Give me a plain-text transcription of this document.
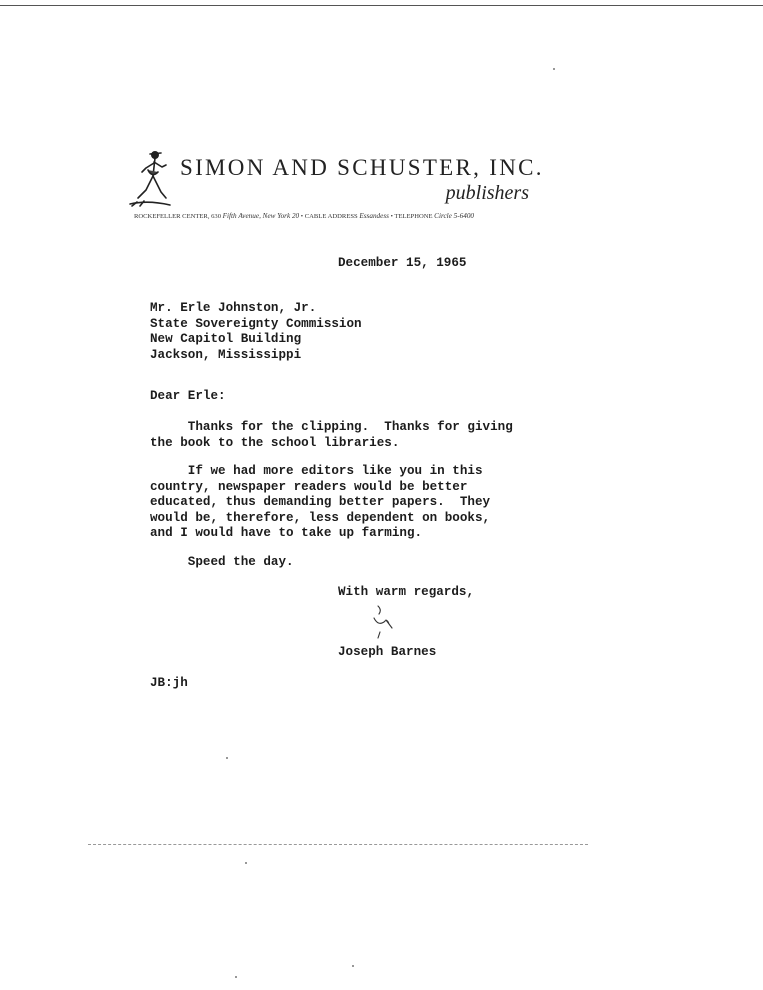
SIMON AND SCHUSTER, INC.
publishers
ROCKEFELLER CENTER, 630 Fifth Avenue, New York 20 • CABLE ADDRESS Essandess • TELEPHONE Circle 5-6400
December 15, 1965
Mr. Erle Johnston, Jr.
State Sovereignty Commission
New Capitol Building
Jackson, Mississippi
Dear Erle:
Thanks for the clipping.  Thanks for giving
the book to the school libraries.
If we had more editors like you in this
country, newspaper readers would be better
educated, thus demanding better papers.  They
would be, therefore, less dependent on books,
and I would have to take up farming.
Speed the day.
With warm regards,
Joseph Barnes
JB:jh
